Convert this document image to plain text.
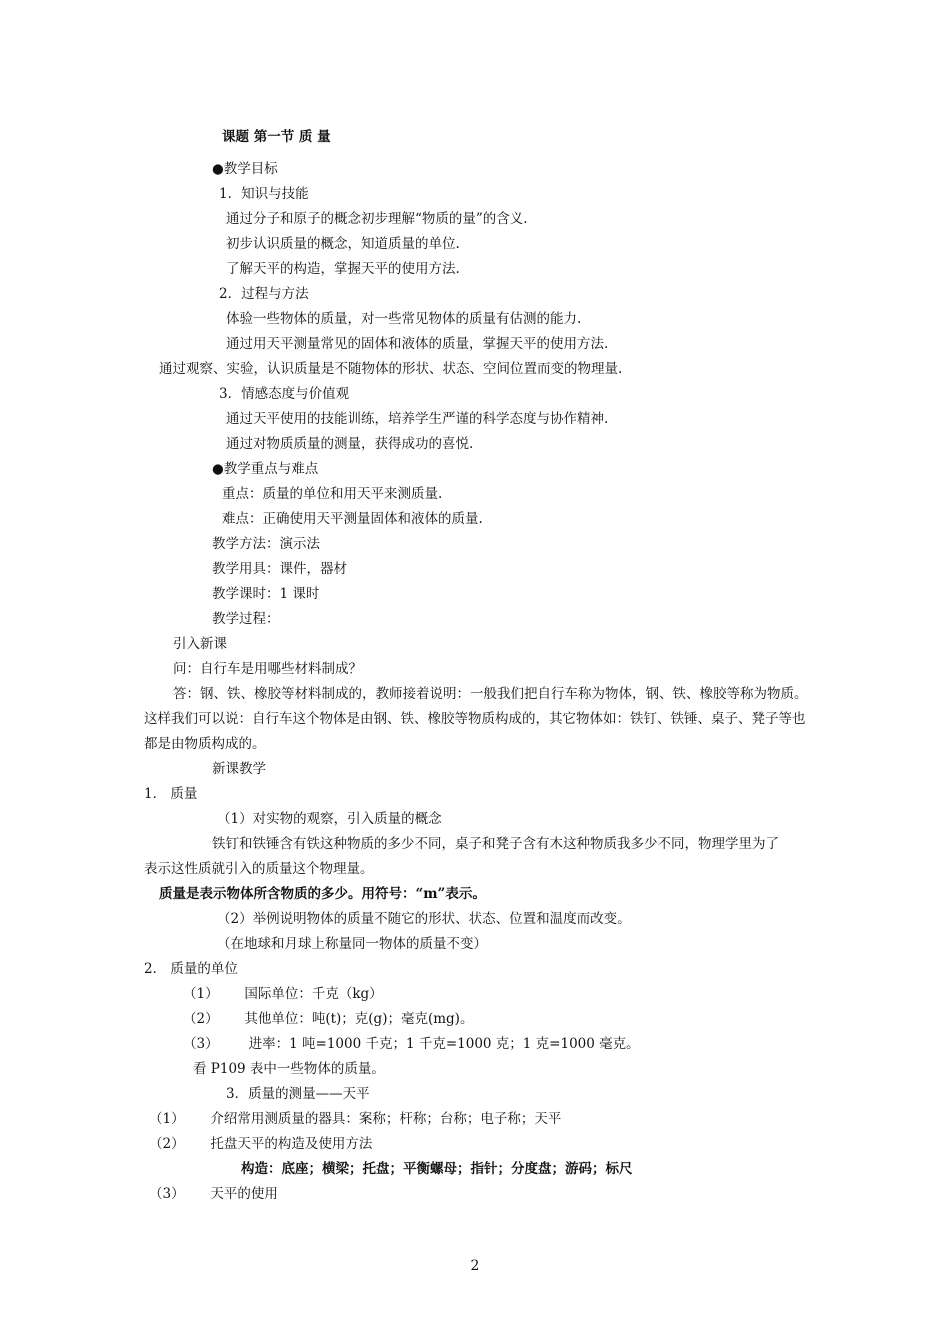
课题 第一节 质 量
●教学目标
1．知识与技能
通过分子和原子的概念初步理解“物质的量”的含义.
初步认识质量的概念，知道质量的单位.
了解天平的构造，掌握天平的使用方法.
2．过程与方法
体验一些物体的质量，对一些常见物体的质量有估测的能力.
通过用天平测量常见的固体和液体的质量，掌握天平的使用方法.
通过观察、实验，认识质量是不随物体的形状、状态、空间位置而变的物理量.
3．情感态度与价值观
通过天平使用的技能训练，培养学生严谨的科学态度与协作精神.
通过对物质质量的测量，获得成功的喜悦.
●教学重点与难点
重点：质量的单位和用天平来测质量.
难点：正确使用天平测量固体和液体的质量.
教学方法：演示法
教学用具：课件，器材
教学课时：1 课时
教学过程：
引入新课
问：自行车是用哪些材料制成？
答：钢、铁、橡胶等材料制成的，教师接着说明：一般我们把自行车称为物体，钢、铁、橡胶等称为物质。
这样我们可以说：自行车这个物体是由钢、铁、橡胶等物质构成的，其它物体如：铁钉、铁锤、桌子、凳子等也
都是由物质构成的。
新课教学
1． 质量
（1）对实物的观察，引入质量的概念
铁钉和铁锤含有铁这种物质的多少不同，桌子和凳子含有木这种物质我多少不同，物理学里为了
表示这性质就引入的质量这个物理量。
质量是表示物体所含物质的多少。用符号：“m”表示。
（2）举例说明物体的质量不随它的形状、状态、位置和温度而改变。
（在地球和月球上称量同一物体的质量不变）
2． 质量的单位
（1）      国际单位：千克（kg）
（2）      其他单位：吨(t)；克(g)；毫克(mg)。
（3）       进率：1 吨=1000 千克；1 千克=1000 克；1 克=1000 毫克。
看 P109 表中一些物体的质量。
3．质量的测量——天平
（1）      介绍常用测质量的器具：案称；杆称；台称；电子称；天平
（2）      托盘天平的构造及使用方法
构造：底座；横梁；托盘；平衡螺母；指针；分度盘；游码；标尺
（3）      天平的使用
2
